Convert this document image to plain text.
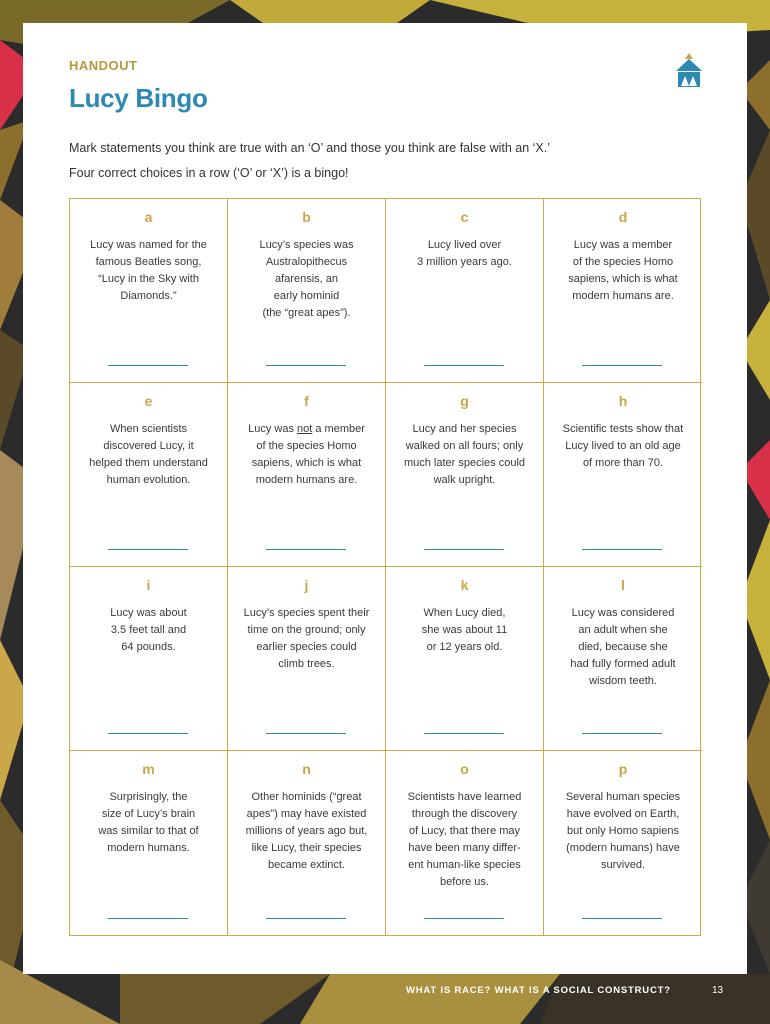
HANDOUT
Lucy Bingo
Mark statements you think are true with an ‘O’ and those you think are false with an ‘X.’
Four correct choices in a row (‘O’ or ‘X’) is a bingo!
a
Lucy was named for the
famous Beatles song,
“Lucy in the Sky with
Diamonds.”
b
Lucy’s species was
Australopithecus
afarensis, an
early hominid
(the “great apes”).
c
Lucy lived over
3 million years ago.
d
Lucy was a member
of the species Homo
sapiens, which is what
modern humans are.
e
When scientists
discovered Lucy, it
helped them understand
human evolution.
f
Lucy was not a member
of the species Homo
sapiens, which is what
modern humans are.
g
Lucy and her species
walked on all fours; only
much later species could
walk upright.
h
Scientific tests show that
Lucy lived to an old age
of more than 70.
i
Lucy was about
3.5 feet tall and
64 pounds.
j
Lucy’s species spent their
time on the ground; only
earlier species could
climb trees.
k
When Lucy died,
she was about 11
or 12 years old.
l
Lucy was considered
an adult when she
died, because she
had fully formed adult
wisdom teeth.
m
Surprisingly, the
size of Lucy’s brain
was similar to that of
modern humans.
n
Other hominids (“great
apes”) may have existed
millions of years ago but,
like Lucy, their species
became extinct.
o
Scientists have learned
through the discovery
of Lucy, that there may
have been many differ-
ent human-like species
before us.
p
Several human species
have evolved on Earth,
but only Homo sapiens
(modern humans) have
survived.
WHAT IS RACE? WHAT IS A SOCIAL CONSTRUCT?	13
